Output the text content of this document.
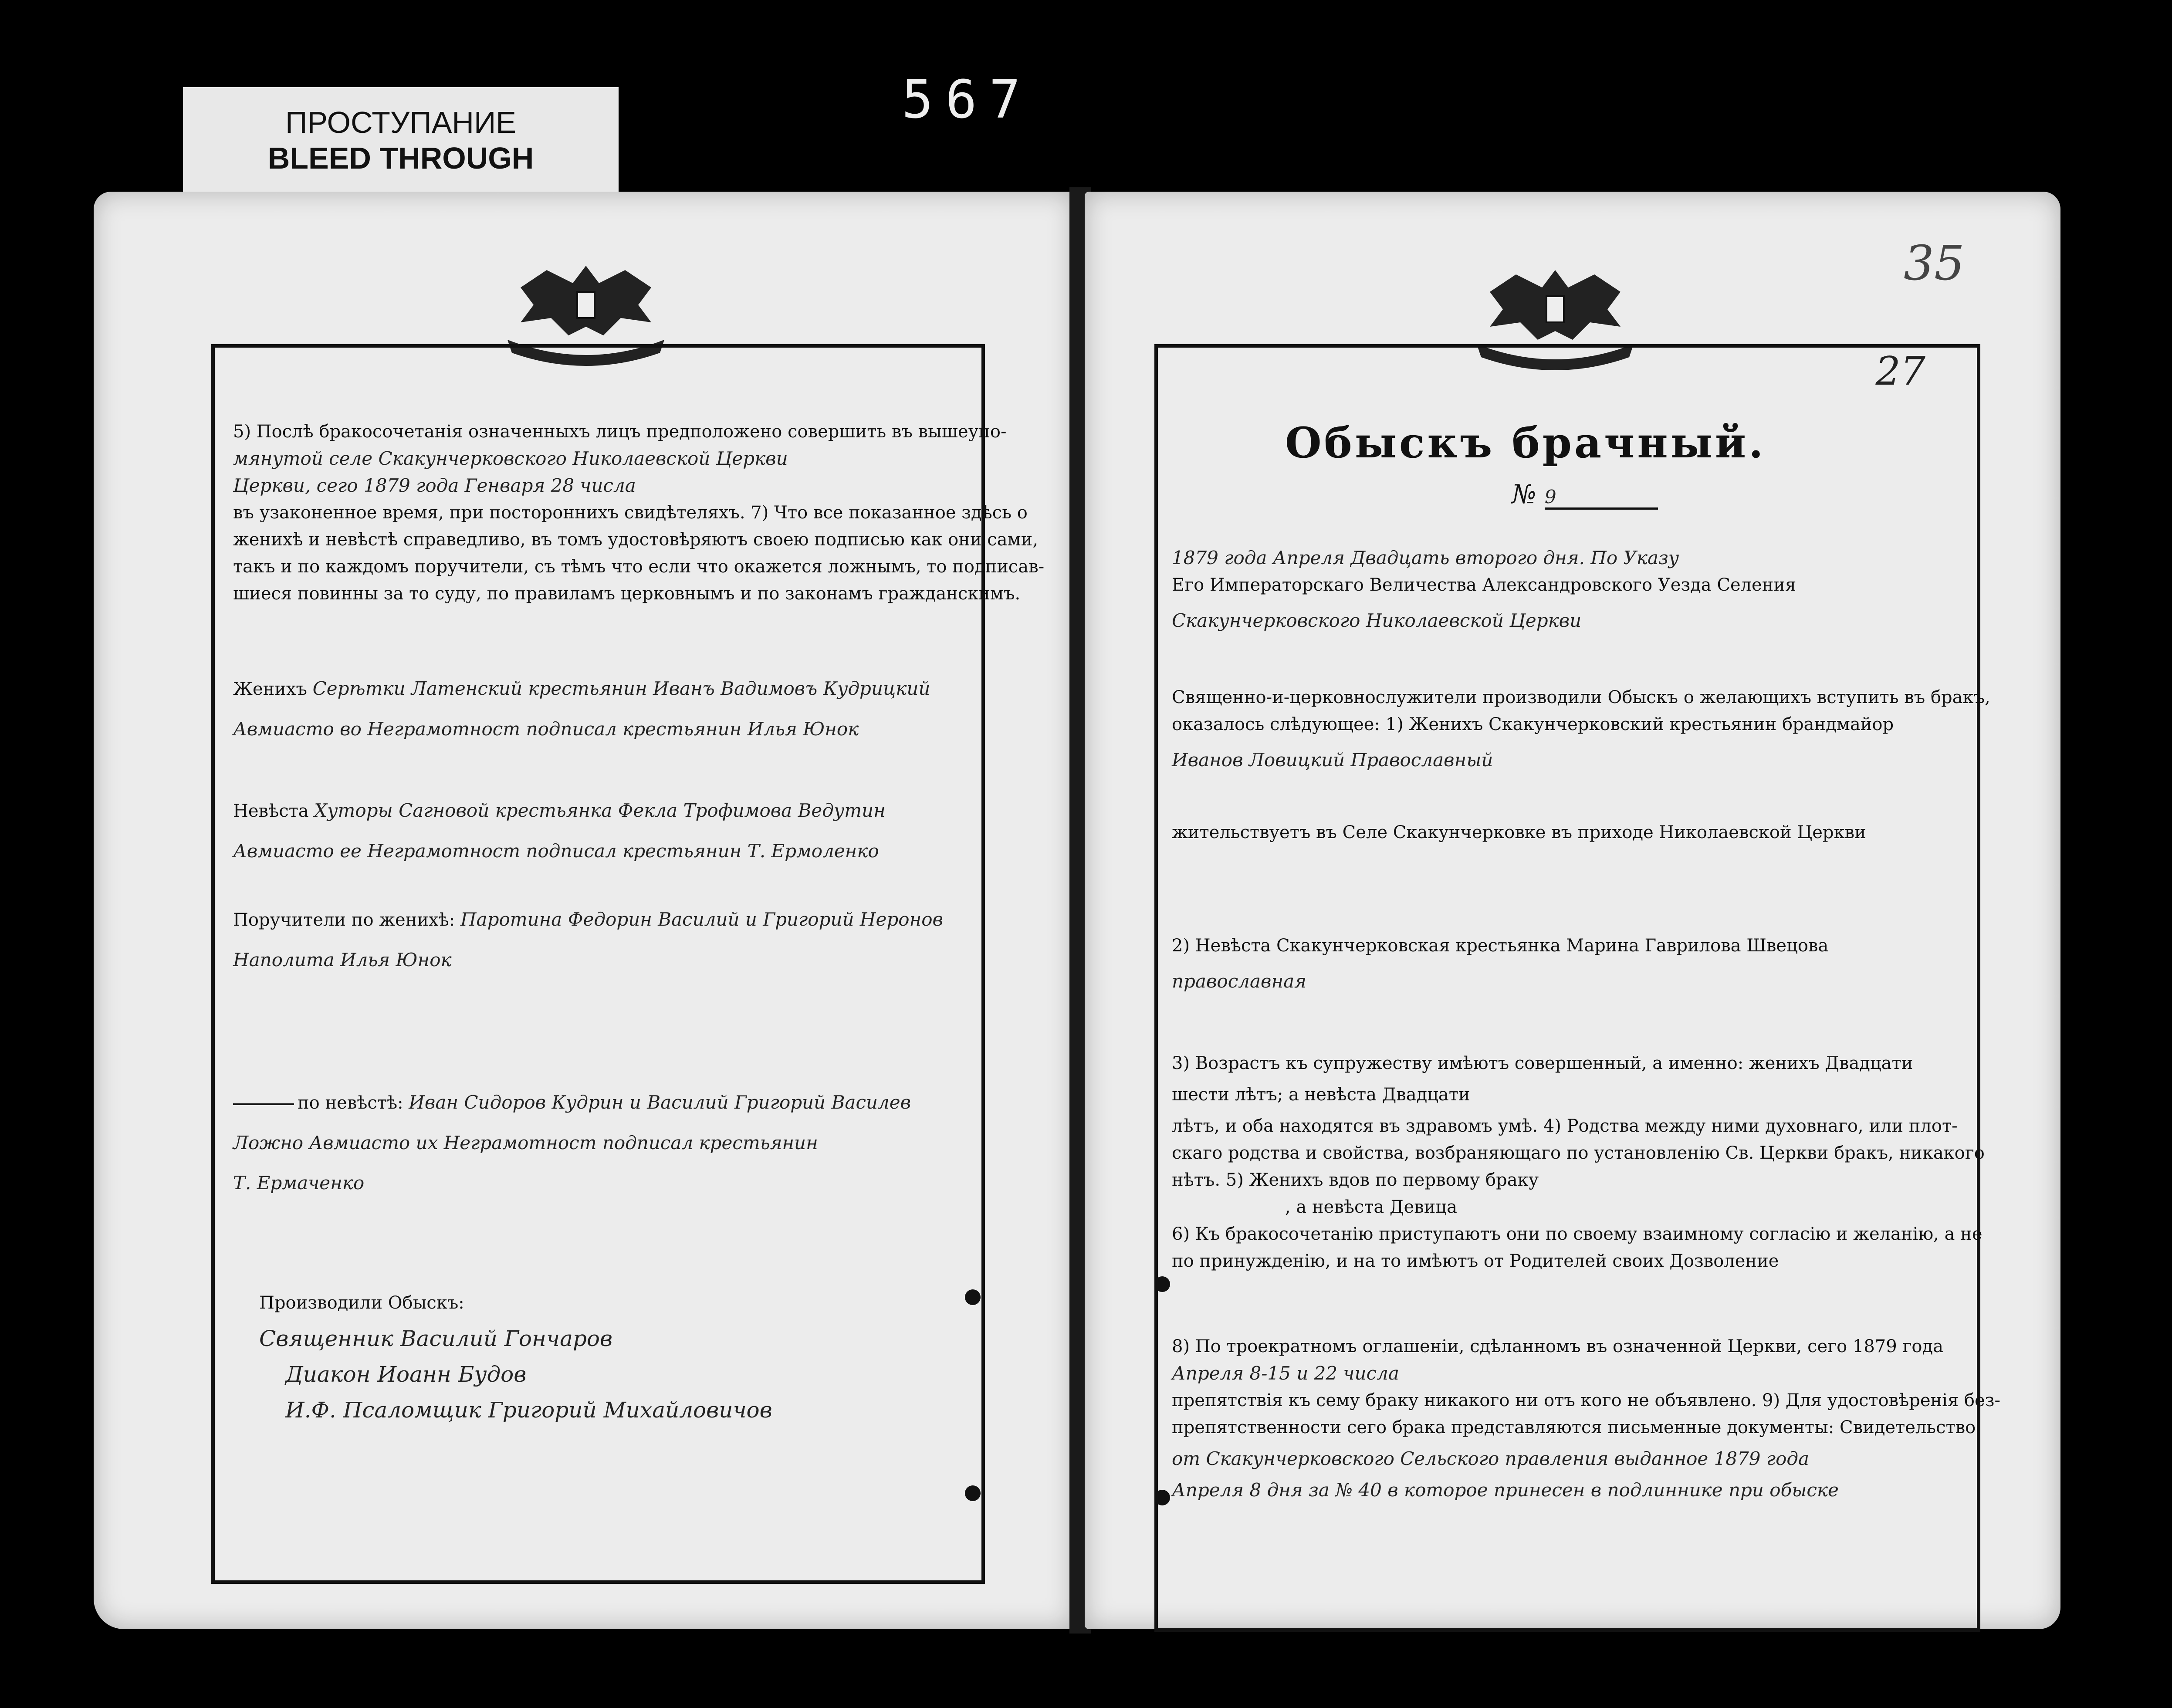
ПРОСТУПАНИЕ
BLEED THROUGH
567
5) Послѣ бракосочетанія означенныхъ лицъ предположено совершить въ вышеупо-
мянутой селе Скакунчерковского Николаевской Церкви
Церкви, сего 1879 года Генваря 28 числа
въ узаконенное время, при постороннихъ свидѣтеляхъ. 7) Что все показанное здѣсь о
женихѣ и невѣстѣ справедливо, въ томъ удостовѣряютъ своею подписью как они сами,
такъ и по каждомъ поручители, съ тѣмъ что если что окажется ложнымъ, то подписав-
шиеся повинны за то суду, по правиламъ церковнымъ и по законамъ гражданскимъ.
Женихъ Серѣтки Латенский крестьянин Иванъ Вадимовъ Кудрицкий
Авмиасто во Неграмотност подписал крестьянин Илья Юнок
Невѣста Хуторы Сагновой крестьянка Фекла Трофимова Ведутин
Авмиасто ее Неграмотност подписал крестьянин Т. Ермоленко
Поручители по женихѣ: Паротина Федорин Василий и Григорий Неронов
Наполита Илья Юнок
по невѣстѣ: Иван Сидоров Кудрин и Василий Григорий Василев
Ложно Авмиасто их Неграмотност подписал крестьянин
Т. Ермаченко
Производили Обыскъ:
Священник Василий Гончаров
Диакон Иоанн Будов
И.Ф. Псаломщик Григорий Михайловичов
35
27
Обыскъ брачный.
№ 9
1879 года Апреля Двадцать второго дня. По Указу
Его Императорскаго Величества Александровского Уезда Селения
Скакунчерковского Николаевской Церкви
Священно-и-церковнослужители производили Обыскъ о желающихъ вступить въ бракъ,
оказалось слѣдующее: 1) Женихъ Скакунчерковский крестьянин брандмайор
Иванов Ловицкий Православный
жительствуетъ въ Селе Скакунчерковке въ приходе Николаевской Церкви
2) Невѣста Скакунчерковская крестьянка Марина Гаврилова Швецова
православная
3) Возрастъ къ супружеству имѣютъ совершенный, а именно: женихъ Двадцати
шести лѣтъ; а невѣста Двадцати
лѣтъ, и оба находятся въ здравомъ умѣ. 4) Родства между ними духовнаго, или плот-
скаго родства и свойства, возбраняющаго по установленію Св. Церкви бракъ, никакого
нѣтъ. 5) Женихъ вдов по первому браку
, а невѣста Девица
6) Къ бракосочетанію приступаютъ они по своему взаимному согласію и желанію, а не
по принужденію, и на то имѣютъ от Родителей своих Дозволение
8) По троекратномъ оглашеніи, сдѣланномъ въ означенной Церкви, сего 1879 года
Апреля 8-15 и 22 числа
препятствія къ сему браку никакого ни отъ кого не объявлено. 9) Для удостовѣренія без-
препятственности сего брака представляются письменные документы: Свидетельство
от Скакунчерковского Сельского правления выданное 1879 года
Апреля 8 дня за № 40 в которое принесен в подлиннике при обыске
